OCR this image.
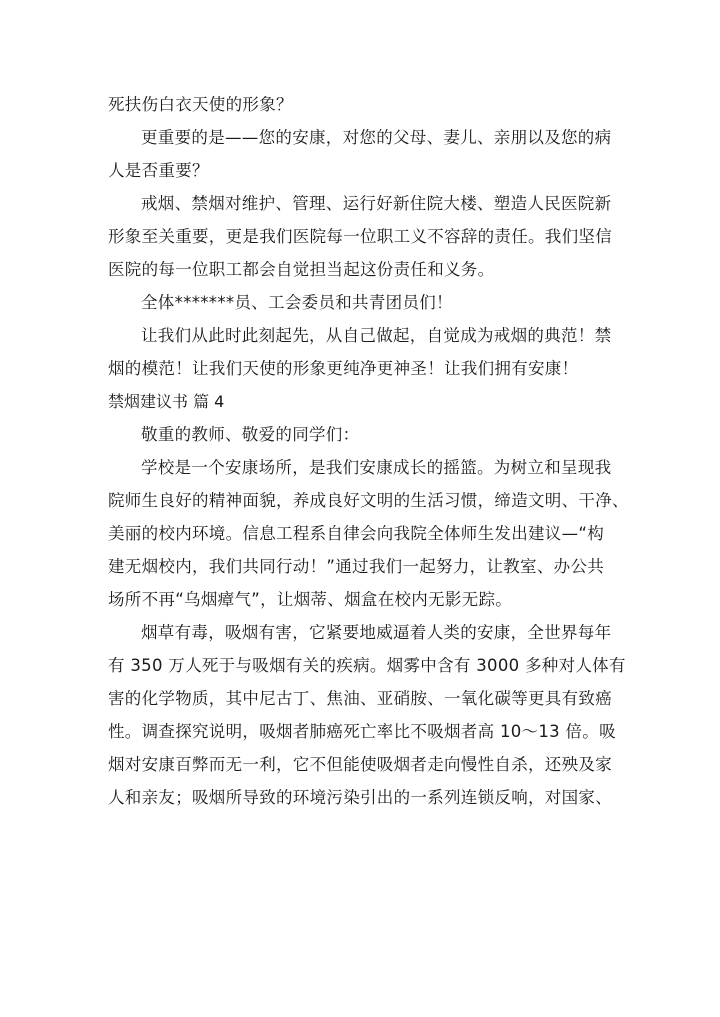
死扶伤白衣天使的形象？

更重要的是——您的安康，对您的父母、妻儿、亲朋以及您的病
人是否重要？

戒烟、禁烟对维护、管理、运行好新住院大楼、塑造人民医院新
形象至关重要，更是我们医院每一位职工义不容辞的责任。我们坚信
医院的每一位职工都会自觉担当起这份责任和义务。

全体*******员、工会委员和共青团员们！

让我们从此时此刻起先，从自己做起，自觉成为戒烟的典范！禁
烟的模范！让我们天使的形象更纯净更神圣！让我们拥有安康！

禁烟建议书 篇 4

敬重的教师、敬爱的同学们：

学校是一个安康场所，是我们安康成长的摇篮。为树立和呈现我
院师生良好的精神面貌，养成良好文明的生活习惯，缔造文明、干净、
美丽的校内环境。信息工程系自律会向我院全体师生发出建议—“构
建无烟校内，我们共同行动！”通过我们一起努力，让教室、办公共
场所不再“乌烟瘴气”，让烟蒂、烟盒在校内无影无踪。

烟草有毒，吸烟有害，它紧要地威逼着人类的安康，全世界每年
有 350 万人死于与吸烟有关的疾病。烟雾中含有 3000 多种对人体有
害的化学物质，其中尼古丁、焦油、亚硝胺、一氧化碳等更具有致癌
性。调查探究说明，吸烟者肺癌死亡率比不吸烟者高 10～13 倍。吸
烟对安康百弊而无一利，它不但能使吸烟者走向慢性自杀，还殃及家
人和亲友；吸烟所导致的环境污染引出的一系列连锁反响，对国家、
